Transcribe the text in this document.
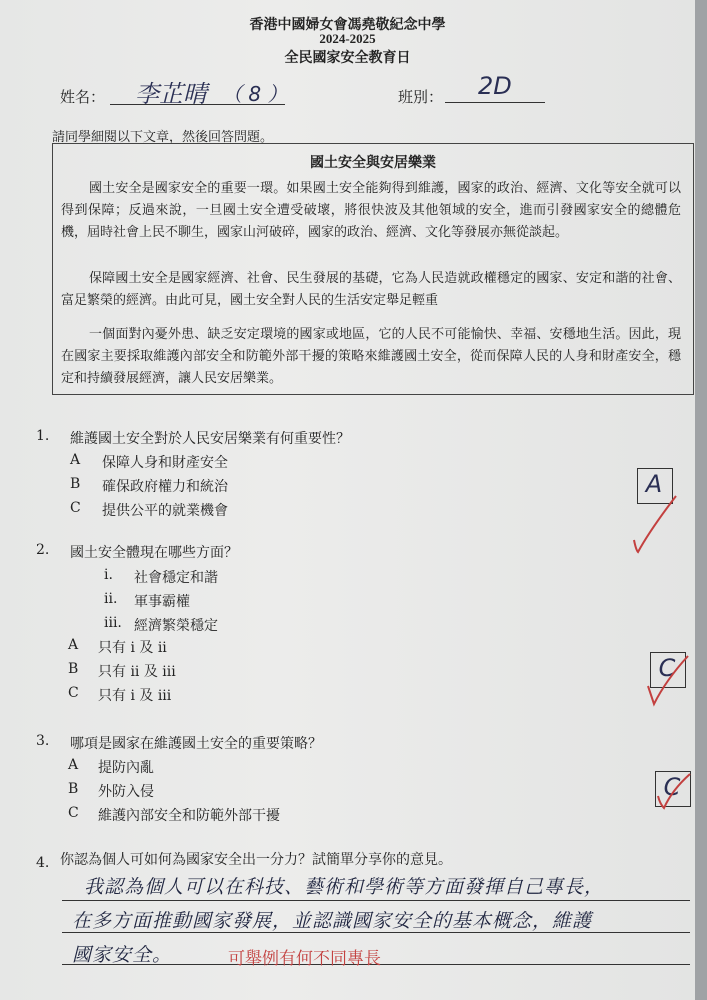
香港中國婦女會馮堯敬紀念中學
2024-2025
全民國家安全教育日
姓名： 李芷晴 （ 8 ）	班別： 2D
請同學細閱以下文章，然後回答問題。
國土安全與安居樂業
國土安全是國家安全的重要一環。如果國土安全能夠得到維護，國家的政治、經濟、文化等安全就可以得到保障；反過來說，一旦國土安全遭受破壞，將很快波及其他領域的安全，進而引發國家安全的總體危機，屆時社會上民不聊生，國家山河破碎，國家的政治、經濟、文化等發展亦無從談起。
保障國土安全是國家經濟、社會、民生發展的基礎，它為人民造就政權穩定的國家、安定和諧的社會、富足繁榮的經濟。由此可見，國土安全對人民的生活安定舉足輕重
一個面對內憂外患、缺乏安定環境的國家或地區，它的人民不可能愉快、幸福、安穩地生活。因此，現在國家主要採取維護內部安全和防範外部干擾的策略來維護國土安全，從而保障人民的人身和財產安全，穩定和持續發展經濟，讓人民安居樂業。
1. 維護國土安全對於人民安居樂業有何重要性？
A 保障人身和財產安全
B 確保政府權力和統治
C 提供公平的就業機會
A
2. 國土安全體現在哪些方面？
i. 社會穩定和諧
ii. 軍事霸權
iii. 經濟繁榮穩定
A 只有 i 及 ii
B 只有 ii 及 iii
C 只有 i 及 iii
C
3. 哪項是國家在維護國土安全的重要策略？
A 提防內亂
B 外防入侵
C 維護內部安全和防範外部干擾
C
4. 你認為個人可如何為國家安全出一分力？試簡單分享你的意見。
我認為個人可以在科技、藝術和學術等方面發揮自己專長，
在多方面推動國家發展，並認識國家安全的基本概念，維護
國家安全。	可舉例有何不同專長
